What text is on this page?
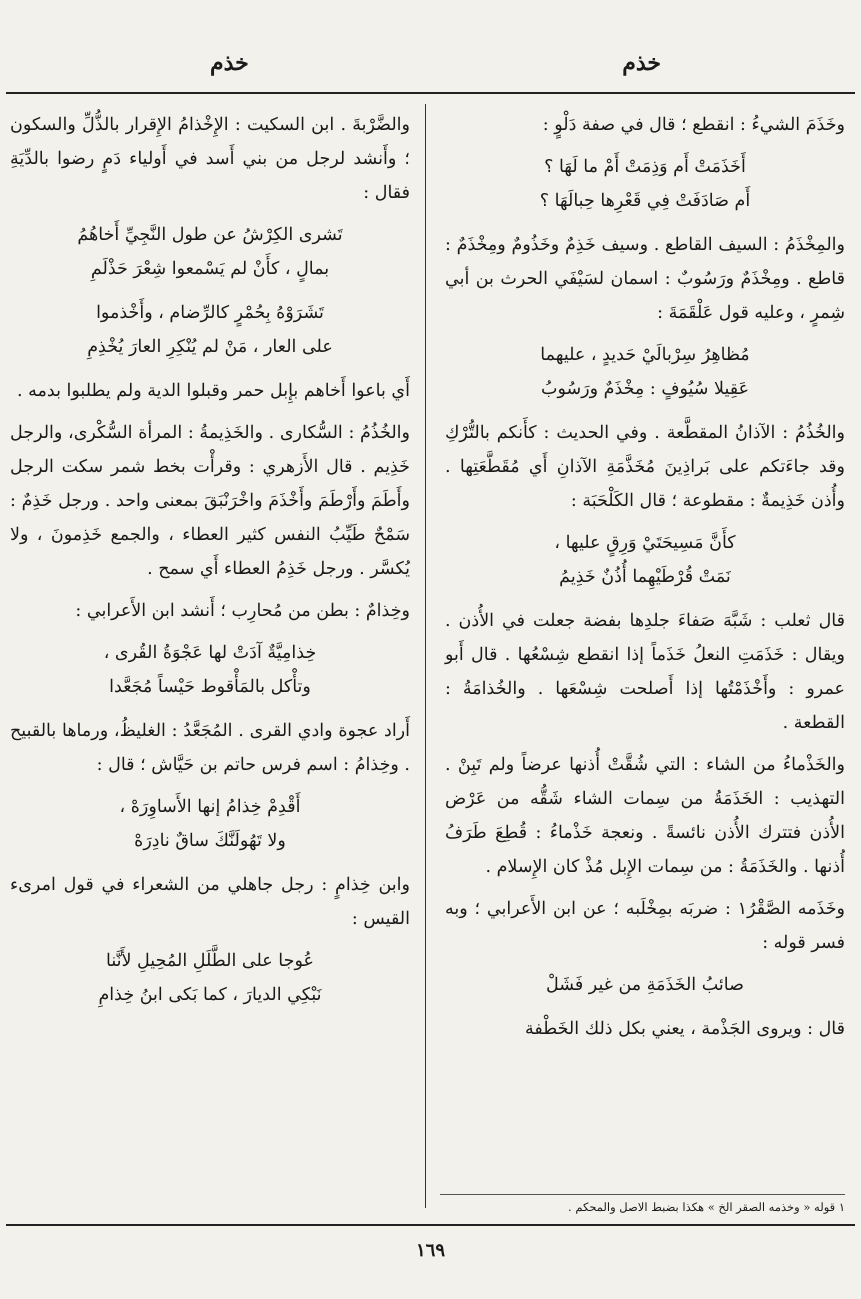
خذم
خذم

وخَذَمَ الشيءُ : انقطع ؛ قال في صفة دَلْوٍ :

أَخَذَمَتْ أَم وَذِمَتْ أَمْ ما لَهَا ؟
أَم صَادَفَتْ فِي قَعْرِها حِبالَهَا ؟

والمِخْذَمُ : السيف القاطع . وسيف خَذِمٌ وخَذُومٌ ومِخْذَمٌ : قاطع . ومِخْذَمٌ ورَسُوبٌ : اسمان لسَيْفَي الحرث بن أبي شِمرٍ ، وعليه قول عَلْقَمَةَ :

مُظاهِرُ سِرْبالَيْ حَديدٍ ، عليهما
عَقِيلا سُيُوفٍ : مِخْذَمٌ ورَسُوبُ

والخُذُمُ : الآذانُ المقطَّعة . وفي الحديث : كأَنكم بالتُّرْكِ وقد جاءَتكم على بَراذِينَ مُخَذَّمَةِ الآذانِ أَي مُقَطَّعَتِها . وأُذن خَذِيمةٌ : مقطوعة ؛ قال الكَلْحَبَة :

كأَنَّ مَسِيحَتَيْ وَرِقٍ عليها ،
نَمَتْ قُرْطَيْهِما أُذُنٌ خَذِيمُ

قال ثعلب : شَبَّهَ صَفاءَ جلدِها بفضة جعلت في الأُذن . ويقال : خَذَمَتِ النعلُ خَذَماً إذا انقطع شِسْعُها . قال أَبو عمرو : وأَخْذَمْتُها إذا أَصلحت شِسْعَها . والخُذامَةُ : القطعة .

والخَذْماءُ من الشاء : التي شُقَّتْ أُذنها عرضاً ولم تَبِنْ . التهذيب : الخَذَمَةُ من سِمات الشاء شَقُّه من عَرْض الأُذن فتترك الأُذن نائسةً . ونعجة خَذْماءُ : قُطِعَ طَرَفُ أُذنها . والخَذَمَةُ : من سِمات الإِبل مُذْ كان الإِسلام .

وخَذَمه الصَّقْرُ١ : ضربَه بمِخْلَبه ؛ عن ابن الأَعرابي ؛ وبه فسر قوله :

صائبُ الخَذَمَةِ من غير فَشَلْ

قال : ويروى الجَذْمة ، يعني بكل ذلك الخَطْفة

والضَّرْبةَ . ابن السكيت : الإِخْذامُ الإِقرار بالذُّلِّ والسكون ؛ وأَنشد لرجل من بني أَسد في أَولياء دَمٍ رضوا بالدِّيَةِ فقال :

تَشرى الكِرْشُ عن طول النَّجِيِّ أَخاهُمُ
بمالٍ ، كأَنْ لم يَسْمعوا شِعْرَ حَذْلَمِ
تَشَرَوْهُ بِحُمْرٍ كالرِّضام ، وأَخْذموا
على العار ، مَنْ لم يُنْكِرِ العارَ يُخْذِمِ

أَي باعوا أَخاهم بإِبل حمر وقبلوا الدية ولم يطلبوا بدمه .

والخُذُمُ : السُّكارى . والخَذِيمةُ : المرأة السُّكْرى، والرجل خَذِيم . قال الأَزهري : وقرأْت بخط شمر سكت الرجل وأَطَمَ وأَرْطَمَ وأَخْذَمَ واخْرَنْبَقَ بمعنى واحد . ورجل خَذِمٌ : سَمْحٌ طَيِّبُ النفس كثير العطاء ، والجمع خَذِمونَ ، ولا يُكسَّر . ورجل خَذِمُ العطاء أَي سمح .

وخِذامٌ : بطن من مُحارِب ؛ أَنشد ابن الأَعرابي :

خِذامِيَّةٌ آدَتْ لها عَجْوَةُ القُرى ،
وتأْكل بالمَأْقوط حَيْساً مُجَعَّدا

أَراد عجوة وادي القرى . المُجَعَّدُ : الغليظُ، ورماها بالقبيح . وخِذامُ : اسم فرس حاتم بن حَيَّاش ؛ قال :

أَقْدِمْ خِذامُ إنها الأَساوِرَهْ ،
ولا تَهُولَنَّكَ ساقٌ نادِرَهْ

وابن خِذامٍ : رجل جاهلي من الشعراء في قول امرىء القيس :

عُوجا على الطَّلَلِ المُحِيلِ لأَنَّنا
نَبْكِي الديارَ ، كما بَكى ابنُ خِذامِ
١ قوله « وخذمه الصقر الخ » هكذا بضبط الاصل والمحكم .
١٦٩
